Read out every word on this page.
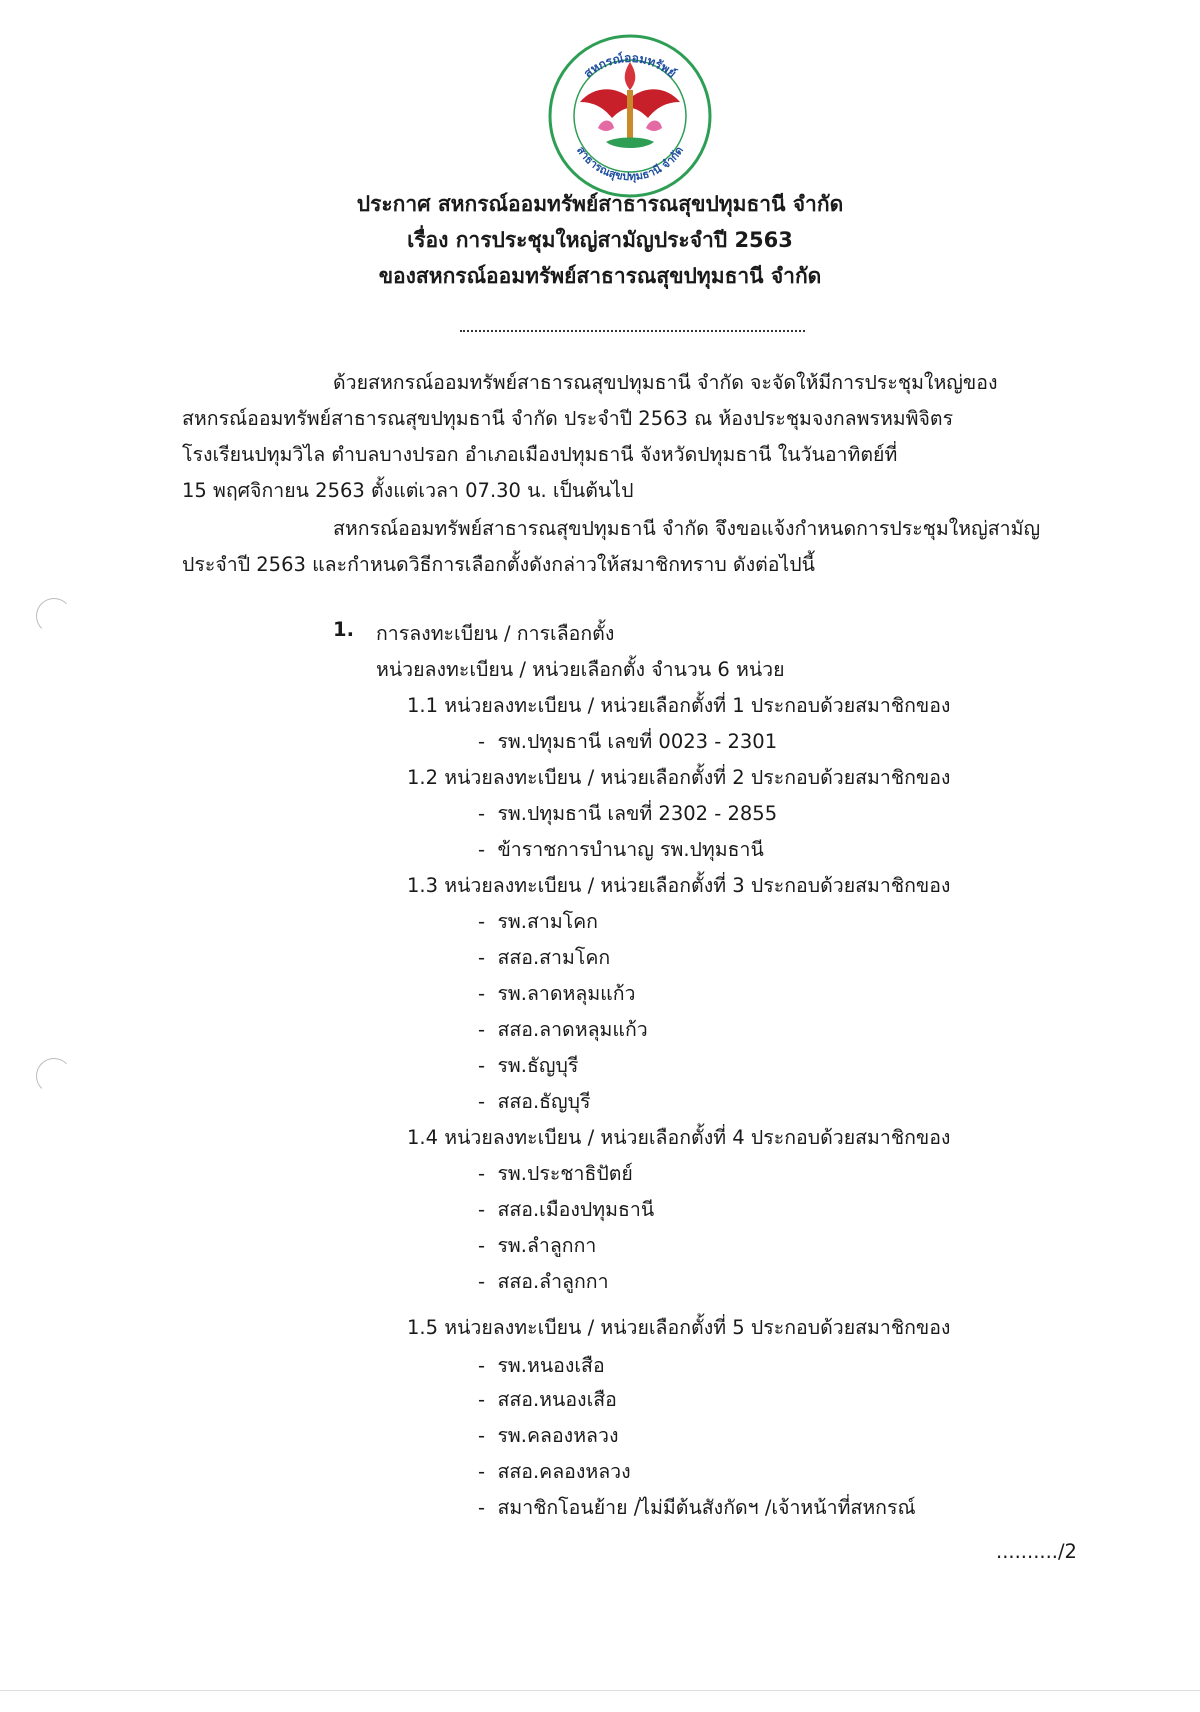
สหกรณ์ออมทรัพย์
สาธารณสุขปทุมธานี จำกัด
ประกาศ สหกรณ์ออมทรัพย์สาธารณสุขปทุมธานี จำกัด
เรื่อง การประชุมใหญ่สามัญประจำปี 2563
ของสหกรณ์ออมทรัพย์สาธารณสุขปทุมธานี จำกัด
ด้วยสหกรณ์ออมทรัพย์สาธารณสุขปทุมธานี จำกัด จะจัดให้มีการประชุมใหญ่ของ
สหกรณ์ออมทรัพย์สาธารณสุขปทุมธานี จำกัด ประจำปี 2563 ณ ห้องประชุมจงกลพรหมพิจิตร
โรงเรียนปทุมวิไล ตำบลบางปรอก อำเภอเมืองปทุมธานี จังหวัดปทุมธานี ในวันอาทิตย์ที่
15 พฤศจิกายน 2563 ตั้งแต่เวลา 07.30 น. เป็นต้นไป
สหกรณ์ออมทรัพย์สาธารณสุขปทุมธานี จำกัด จึงขอแจ้งกำหนดการประชุมใหญ่สามัญ
ประจำปี 2563 และกำหนดวิธีการเลือกตั้งดังกล่าวให้สมาชิกทราบ ดังต่อไปนี้
1. การลงทะเบียน / การเลือกตั้ง
หน่วยลงทะเบียน / หน่วยเลือกตั้ง จำนวน 6 หน่วย
1.1 หน่วยลงทะเบียน / หน่วยเลือกตั้งที่ 1 ประกอบด้วยสมาชิกของ
-  รพ.ปทุมธานี เลขที่ 0023 - 2301
1.2 หน่วยลงทะเบียน / หน่วยเลือกตั้งที่ 2 ประกอบด้วยสมาชิกของ
-  รพ.ปทุมธานี เลขที่ 2302 - 2855
-  ข้าราชการบำนาญ รพ.ปทุมธานี
1.3 หน่วยลงทะเบียน / หน่วยเลือกตั้งที่ 3 ประกอบด้วยสมาชิกของ
-  รพ.สามโคก
-  สสอ.สามโคก
-  รพ.ลาดหลุมแก้ว
-  สสอ.ลาดหลุมแก้ว
-  รพ.ธัญบุรี
-  สสอ.ธัญบุรี
1.4 หน่วยลงทะเบียน / หน่วยเลือกตั้งที่ 4 ประกอบด้วยสมาชิกของ
-  รพ.ประชาธิปัตย์
-  สสอ.เมืองปทุมธานี
-  รพ.ลำลูกกา
-  สสอ.ลำลูกกา
1.5 หน่วยลงทะเบียน / หน่วยเลือกตั้งที่ 5 ประกอบด้วยสมาชิกของ
-  รพ.หนองเสือ
-  สสอ.หนองเสือ
-  รพ.คลองหลวง
-  สสอ.คลองหลวง
-  สมาชิกโอนย้าย /ไม่มีต้นสังกัดฯ /เจ้าหน้าที่สหกรณ์
........../2
